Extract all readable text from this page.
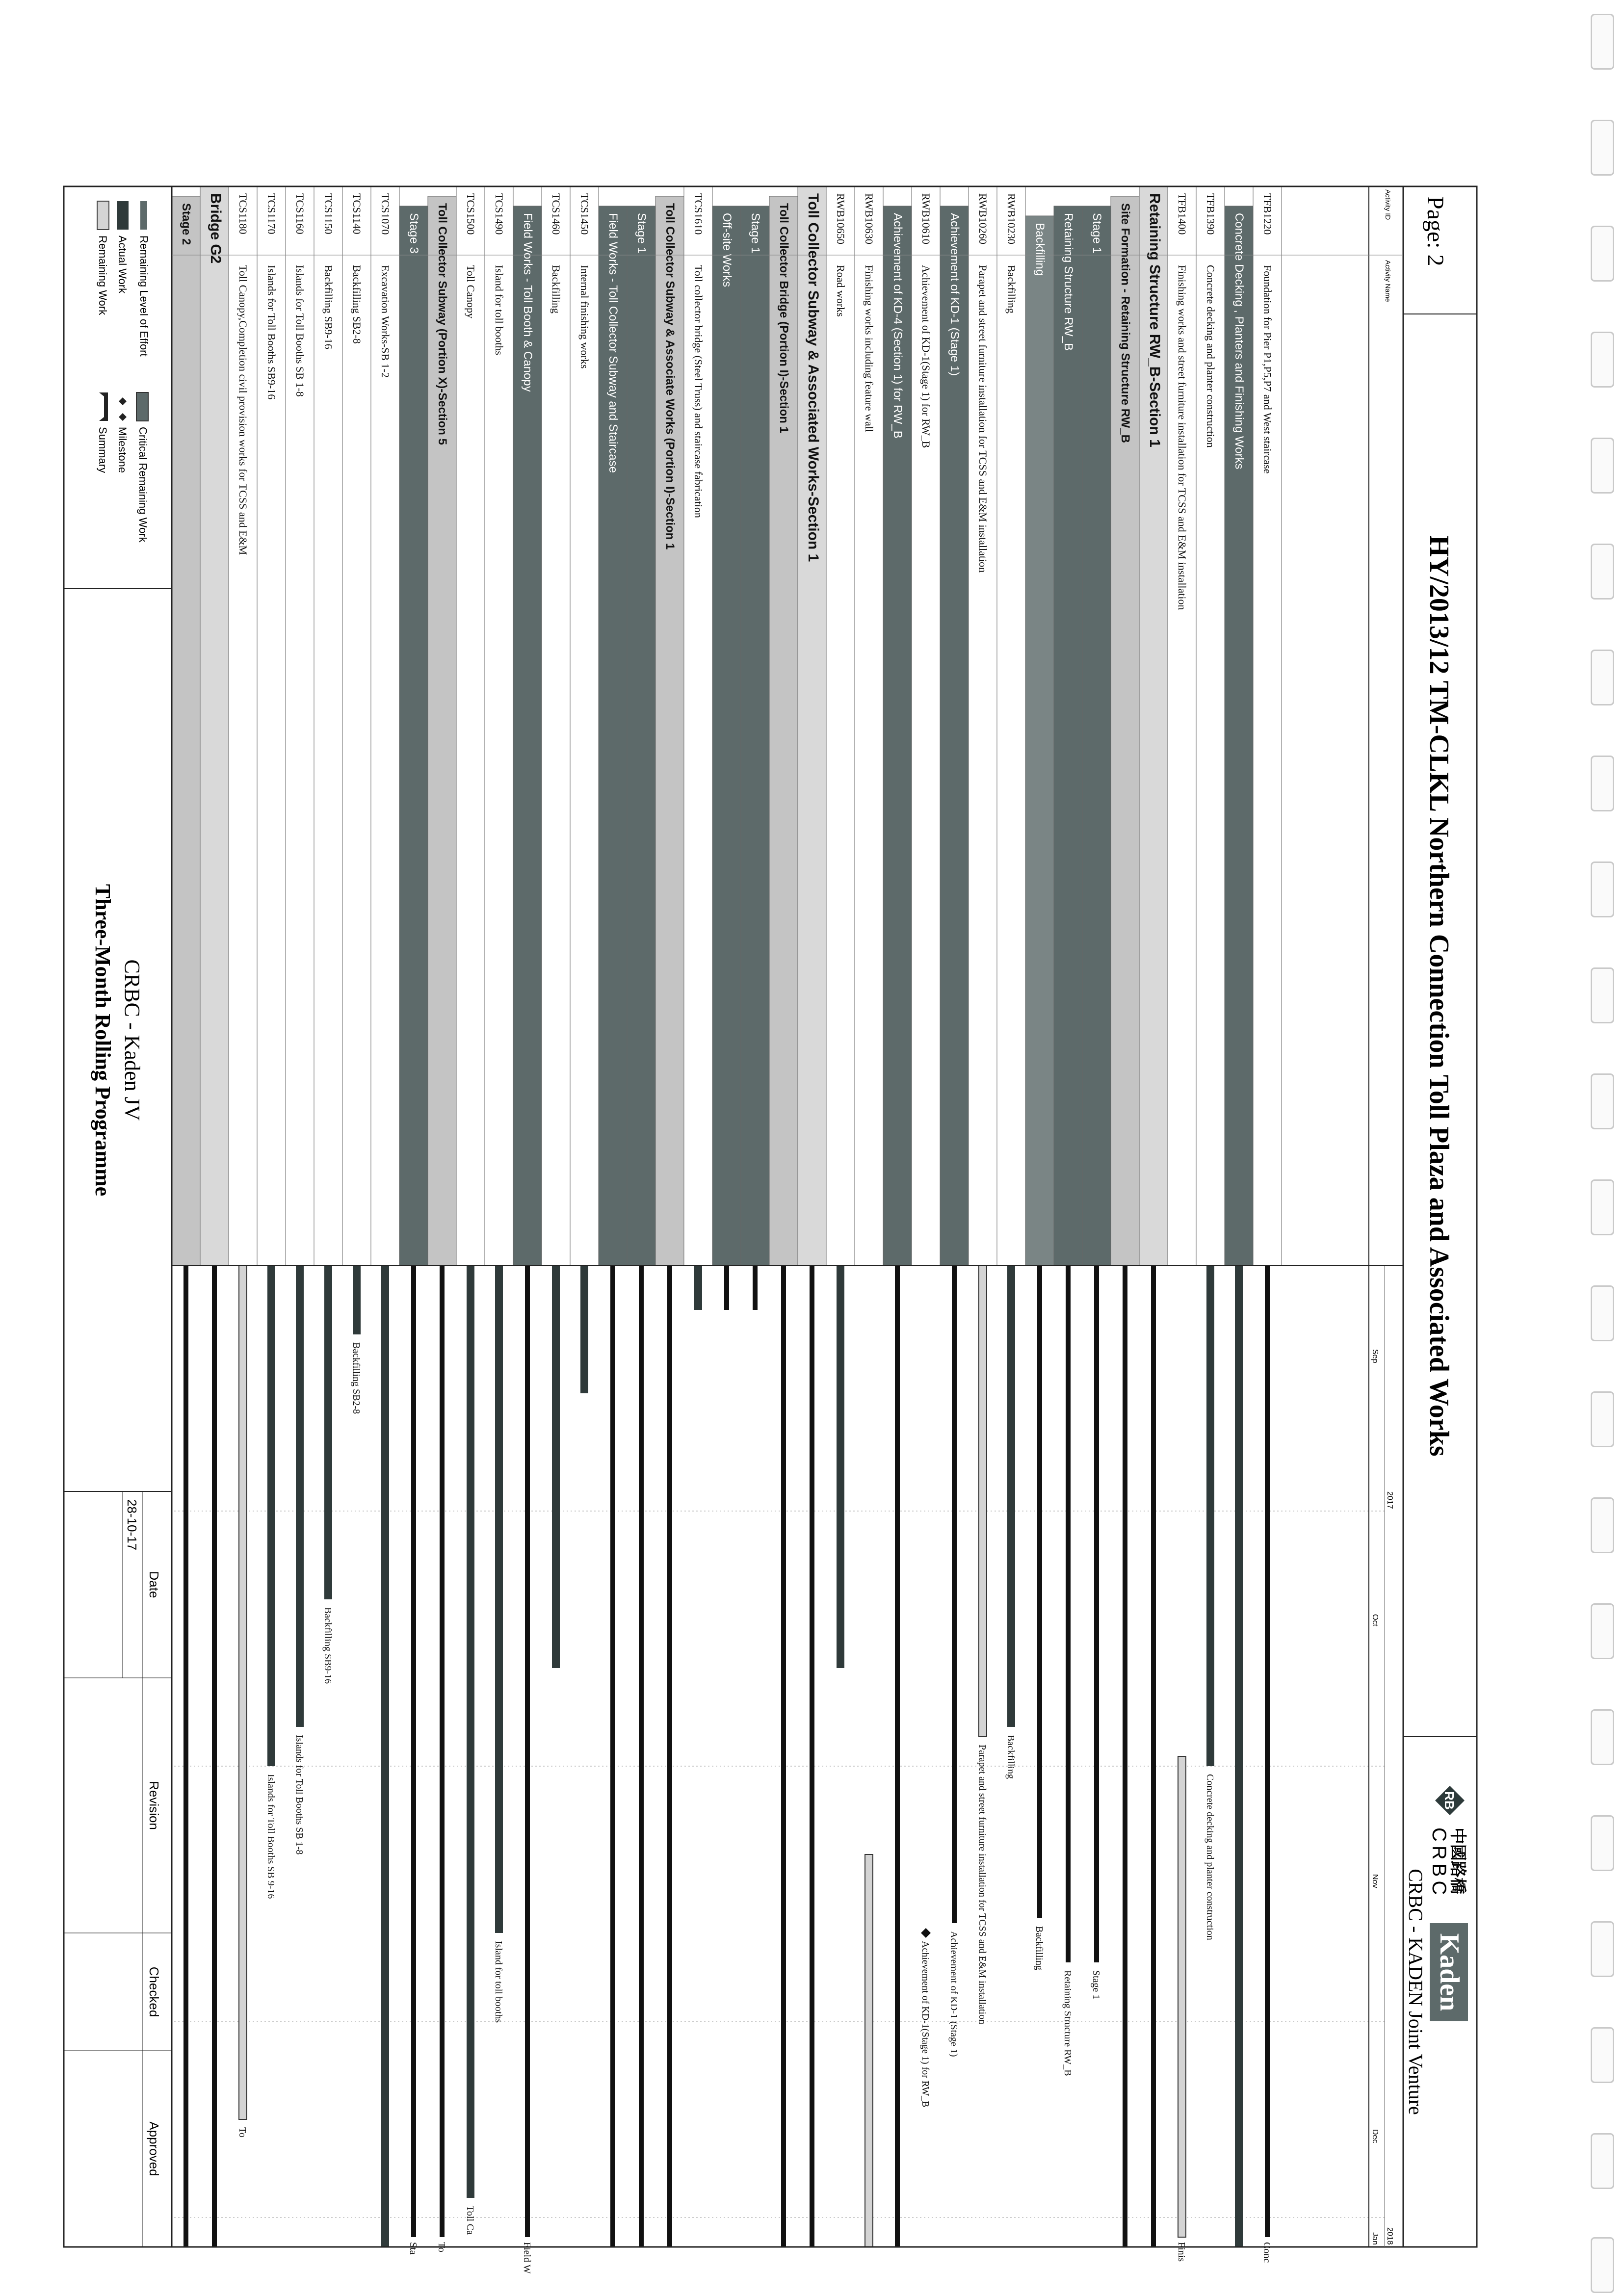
TFB1220
Foundation for Pier P1,P5,P7 and West staircase
Concrete Decking , Planters and Finishing Works
TFB1390
Concrete decking and planter construction
TFB1400
Finishing works and street furniture installation for TCSS and E&M installation
Retaining Structure RW_B-Section 1
Site Formation - Retaining Structure RW_B
Stage 1
Retaining Structure RW_B
Backfilling
RWB10230
Backfilling
RWB10260
Parapet and street furniture installation for TCSS and E&M installation
Achievement of KD-1 (Stage 1)
RWB10610
Achievement of KD-1(Stage 1) for RW_B
Achievement of KD-4 (Section 1) for RW_B
RWB10630
Finishing works including feature wall
RWB10650
Road works
Toll Collector Subway & Associated Works-Section 1
Toll Collector Bridge (Portion I)-Section 1
Stage 1
Off-site Works
TCS1610
Toll collector bridge (Steel Truss) and staircase fabrication
Toll Collector Subway & Associate Works (Portion I)-Section 1
Stage 1
Field Works - Toll Collector Subway and Staircase
TCS1450
Internal finishing works
TCS1460
Backfilling
Field Works - Toll Booth & Canopy
TCS1490
Island for toll booths
TCS1500
Toll Canopy
Toll Collector Subway (Portion X)-Section 5
Stage 3
TCS1070
Excavation Works-SB 1-2
TCS1140
Backfilling SB2-8
TCS1150
Backfilling SB9-16
TCS1160
Islands for Toll Booths SB 1-8
TCS1170
Islands for Toll Booths SB9-16
TCS1180
Toll Canopy,Completion civil provision works for TCSS and E&M
Bridge G2
Stage 2
Conc
Concrete decking and planter construction
Finis
Stage 1
Retaining Structure RW_B
Backfilling
Backfilling
Parapet and street furniture installation for TCSS and E&M installation
Achievement of KD-1 (Stage 1)
Achievement of KD-1(Stage 1) for RW_B
Field W
Island for toll booths
Toll Ca
To
Sta
Backfilling SB2-8
Backfilling SB9-16
Islands for Toll Booths SB 1-8
Islands for Toll Booths SB 9-16
To
Page: 2
HY/2013/12 TM-CLKL Northern Connection Toll Plaza and Associated Works
RB
中國路橋
CRBC
Kaden
CRBC - KADEN Joint Venture
Activity ID
Activity Name
2017
2018
Sep
Oct
Nov
Dec
Jan
Remaining Level of Effort
Actual Work
Remaining Work
Critical Remaining Work
Milestone
Summary
CRBC - Kaden JV
Three-Month Rolling Programme
Date
Revision
Checked
Approved
28-10-17
